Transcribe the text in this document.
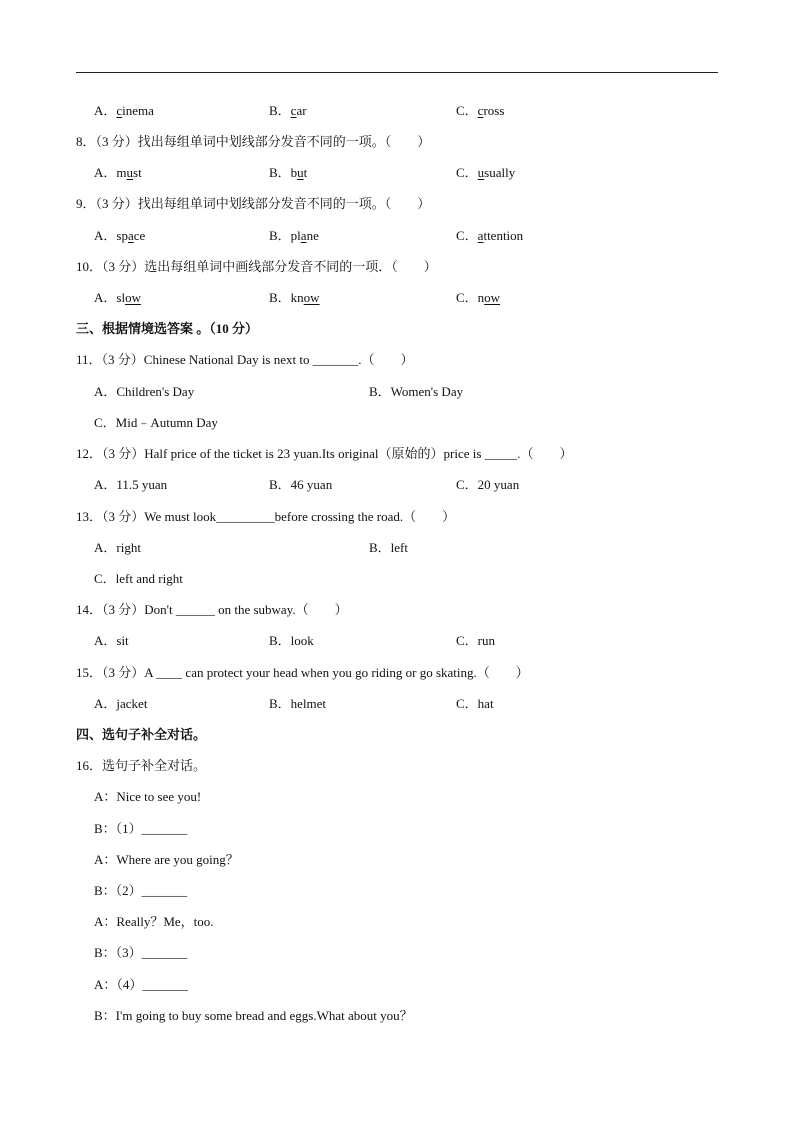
A．cinema	B．car	C．cross
8．（3 分）找出每组单词中划线部分发音不同的一项。（　　）
A．must	B．but	C．usually
9．（3 分）找出每组单词中划线部分发音不同的一项。（　　）
A．space	B．plane	C．attention
10．（3 分）选出每组单词中画线部分发音不同的一项．（　　）
A．slow	B．know	C．now
三、根据情境选答案 。（10 分）
11．（3 分）Chinese National Day is next to _______.（　　）
A．Children's Day	B．Women's Day
C．Mid﹣Autumn Day
12．（3 分）Half price of the ticket is 23 yuan.Its original（原始的）price is _____.（　　）
A．11.5 yuan	B．46 yuan	C．20 yuan
13．（3 分）We must look_________before crossing the road.（　　）
A．right	B．left
C．left and right
14．（3 分）Don't ______ on the subway.（　　）
A．sit	B．look	C．run
15．（3 分）A ____ can protect your head when you go riding or go skating.（　　）
A．jacket	B．helmet	C．hat
四、选句子补全对话。
16．选句子补全对话。
A：Nice to see you!
B：（1）_______
A：Where are you going？
B：（2）_______
A：Really？Me，too.
B：（3）_______
A：（4）_______
B：I'm going to buy some bread and eggs.What about you？
